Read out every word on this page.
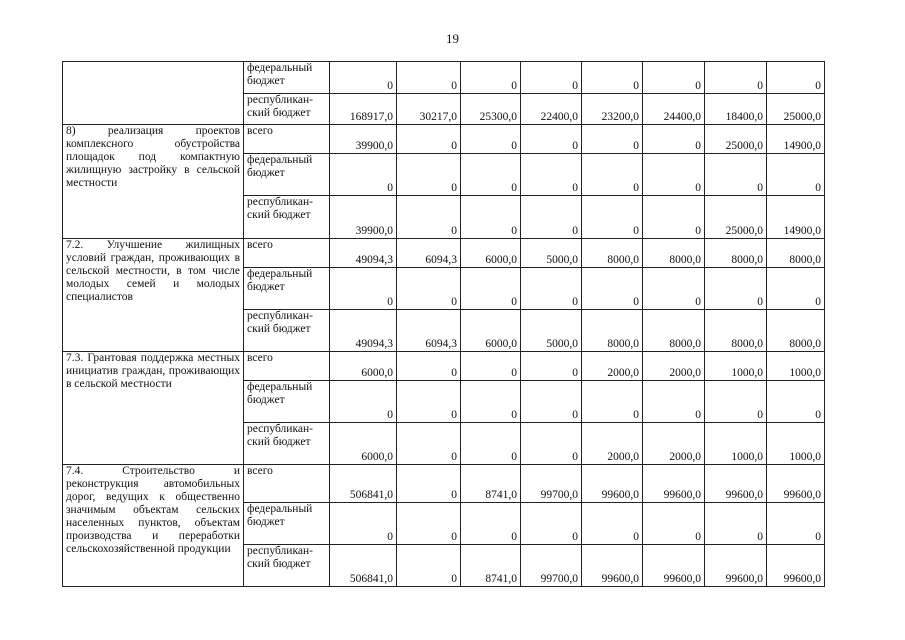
19
	федеральный бюджет	0	0	0	0	0	0	0	0
	республикан-ский бюджет	168917,0	30217,0	25300,0	22400,0	23200,0	24400,0	18400,0	25000,0
8) реализация проектов комплексного обустройства площадок под компактную жилищную застройку в сельской местности	всего	39900,0	0	0	0	0	0	25000,0	14900,0
	федеральный бюджет	0	0	0	0	0	0	0	0
	республикан-ский бюджет	39900,0	0	0	0	0	0	25000,0	14900,0
7.2. Улучшение жилищных условий граждан, проживающих в сельской местности, в том числе молодых семей и молодых специалистов	всего	49094,3	6094,3	6000,0	5000,0	8000,0	8000,0	8000,0	8000,0
	федеральный бюджет	0	0	0	0	0	0	0	0
	республикан-ский бюджет	49094,3	6094,3	6000,0	5000,0	8000,0	8000,0	8000,0	8000,0
7.3. Грантовая поддержка местных инициатив граждан, проживающих в сельской местности	всего	6000,0	0	0	0	2000,0	2000,0	1000,0	1000,0
	федеральный бюджет	0	0	0	0	0	0	0	0
	республикан-ский бюджет	6000,0	0	0	0	2000,0	2000,0	1000,0	1000,0
7.4. Строительство и реконструкция автомобильных дорог, ведущих к общественно значимым объектам сельских населенных пунктов, объектам производства и переработки сельскохозяйственной продукции	всего	506841,0	0	8741,0	99700,0	99600,0	99600,0	99600,0	99600,0
	федеральный бюджет	0	0	0	0	0	0	0	0
	республикан-ский бюджет	506841,0	0	8741,0	99700,0	99600,0	99600,0	99600,0	99600,0
